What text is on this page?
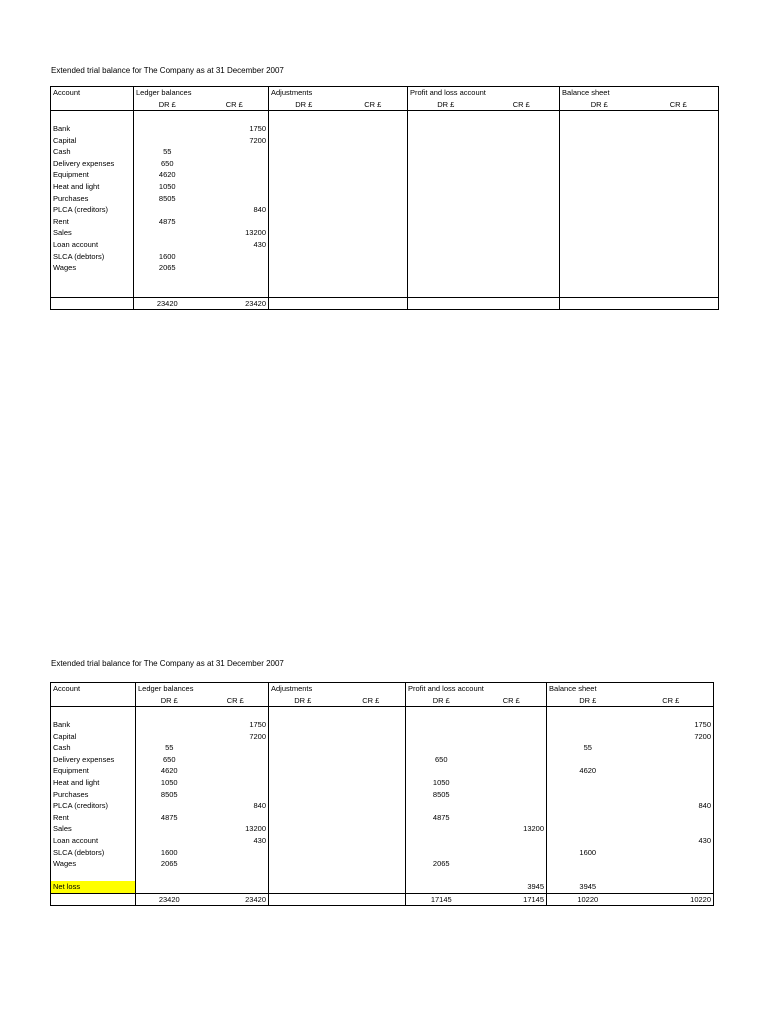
Extended trial balance for The Company as at 31 December 2007
Account	Ledger balances		Adjustments		Profit and loss account		Balance sheet	
	DR £	CR £	DR £	CR £	DR £	CR £	DR £	CR £

Bank		1750						
Capital		7200						
Cash	55							
Delivery expenses	650							
Equipment	4620							
Heat and light	1050							
Purchases	8505							
PLCA (creditors)		840						
Rent	4875							
Sales		13200						
Loan account		430						
SLCA (debtors)	1600							
Wages	2065							

	23420	23420						
Extended trial balance for The Company as at 31 December 2007
Account	Ledger balances		Adjustments		Profit and loss account		Balance sheet	
	DR £	CR £	DR £	CR £	DR £	CR £	DR £	CR £

Bank		1750						1750
Capital		7200						7200
Cash	55						55	
Delivery expenses	650				650			
Equipment	4620						4620	
Heat and light	1050				1050			
Purchases	8505				8505			
PLCA (creditors)		840						840
Rent	4875				4875			
Sales		13200				13200		
Loan account		430						430
SLCA (debtors)	1600						1600	
Wages	2065				2065			

Net loss						3945	3945	
	23420	23420			17145	17145	10220	10220
